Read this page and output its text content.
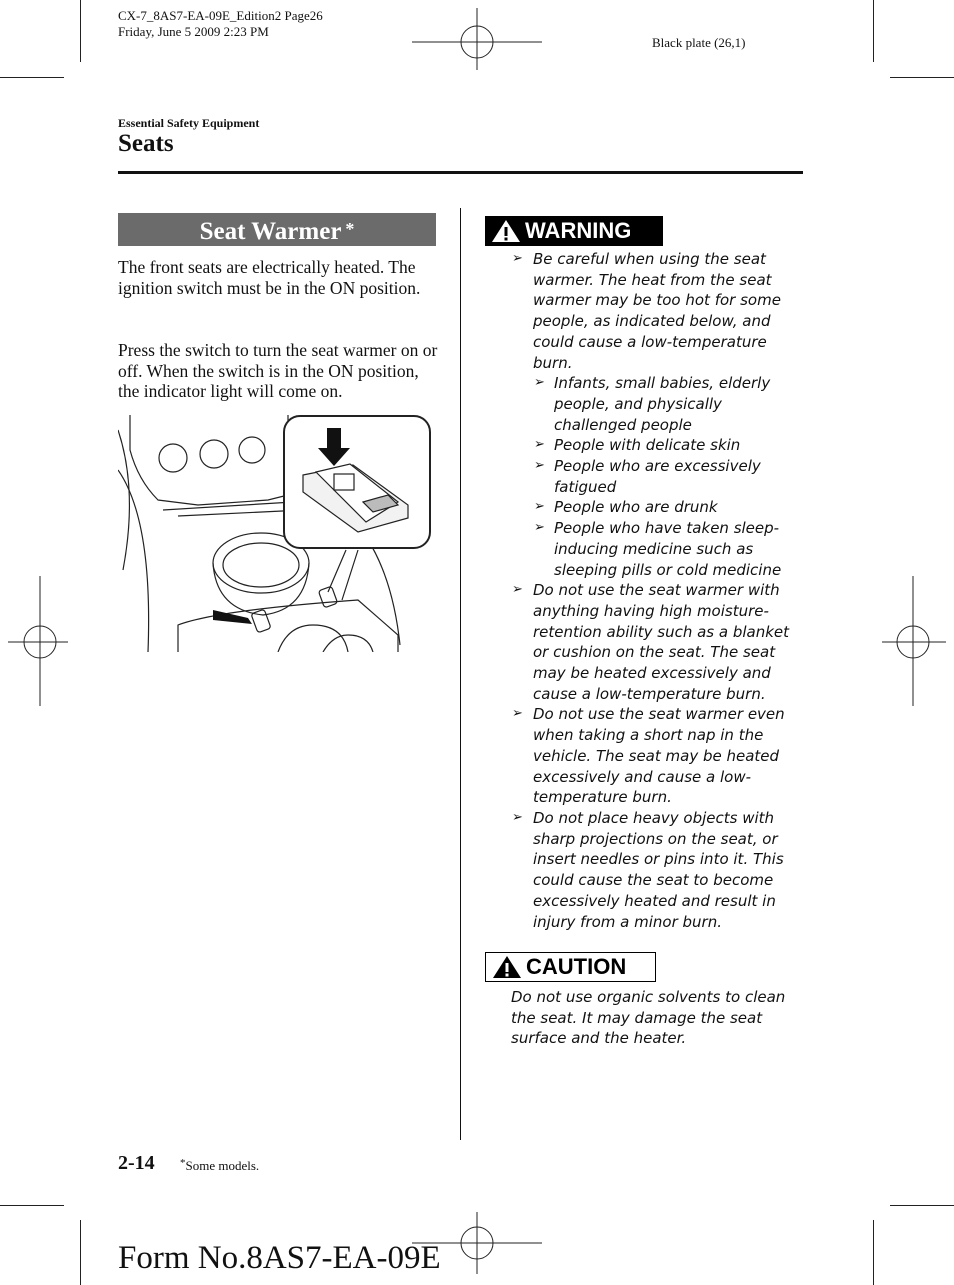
CX-7_8AS7-EA-09E_Edition2 Page26
Friday, June 5 2009 2:23 PM
Black plate (26,1)
Essential Safety Equipment
Seats
Seat Warmer *
The front seats are electrically heated. The ignition switch must be in the ON position.
Press the switch to turn the seat warmer on or off. When the switch is in the ON position, the indicator light will come on.
WARNING
➢ Be careful when using the seat warmer. The heat from the seat warmer may be too hot for some people, as indicated below, and could cause a low-temperature burn.
➢ Infants, small babies, elderly people, and physically challenged people
➢ People with delicate skin
➢ People who are excessively fatigued
➢ People who are drunk
➢ People who have taken sleep-inducing medicine such as sleeping pills or cold medicine
➢ Do not use the seat warmer with anything having high moisture-retention ability such as a blanket or cushion on the seat. The seat may be heated excessively and cause a low-temperature burn.
➢ Do not use the seat warmer even when taking a short nap in the vehicle. The seat may be heated excessively and cause a low-temperature burn.
➢ Do not place heavy objects with sharp projections on the seat, or insert needles or pins into it. This could cause the seat to become excessively heated and result in injury from a minor burn.
CAUTION
Do not use organic solvents to clean the seat. It may damage the seat surface and the heater.
2-14 *Some models.
Form No.8AS7-EA-09E
